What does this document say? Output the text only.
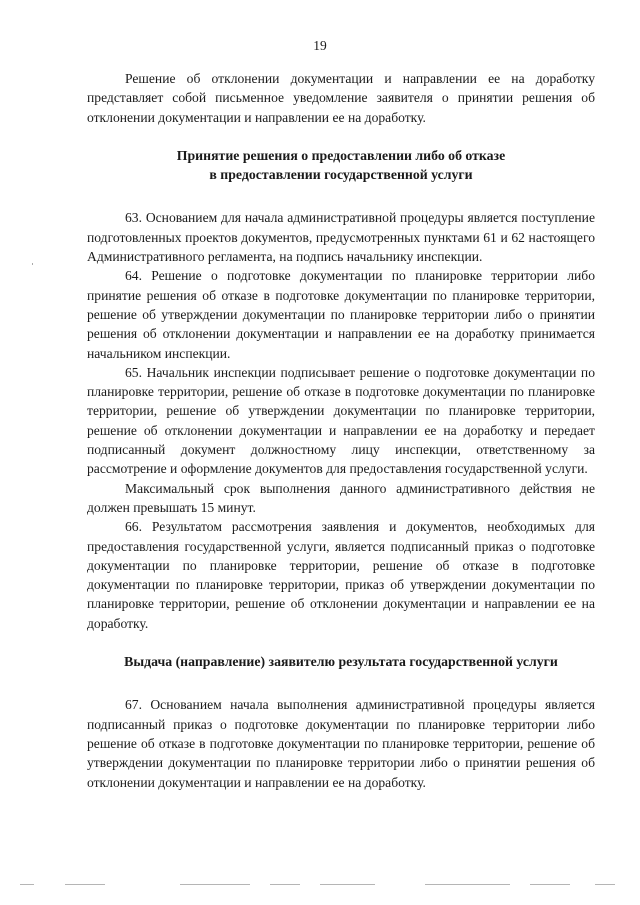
19

Решение об отклонении документации и направлении ее на доработку представляет собой письменное уведомление заявителя о принятии решения об отклонении документации и направлении ее на доработку.

Принятие решения о предоставлении либо об отказе
в предоставлении государственной услуги

63. Основанием для начала административной процедуры является поступление подготовленных проектов документов, предусмотренных пунктами 61 и 62 настоящего Административного регламента, на подпись начальнику инспекции.

64. Решение о подготовке документации по планировке территории либо принятие решения об отказе в подготовке документации по планировке территории, решение об утверждении документации по планировке территории либо о принятии решения об отклонении документации и направлении ее на доработку принимается начальником инспекции.

65. Начальник инспекции подписывает решение о подготовке документации по планировке территории, решение об отказе в подготовке документации по планировке территории, решение об утверждении документации по планировке территории, решение об отклонении документации и направлении ее на доработку и передает подписанный документ должностному лицу инспекции, ответственному за рассмотрение и оформление документов для предоставления государственной услуги.

Максимальный срок выполнения данного административного действия не должен превышать 15 минут.

66. Результатом рассмотрения заявления и документов, необходимых для предоставления государственной услуги, является подписанный приказ о подготовке документации по планировке территории, решение об отказе в подготовке документации по планировке территории, приказ об утверждении документации по планировке территории, решение об отклонении документации и направлении ее на доработку.

Выдача (направление) заявителю результата государственной услуги

67. Основанием начала выполнения административной процедуры является подписанный приказ о подготовке документации по планировке территории либо решение об отказе в подготовке документации по планировке территории, решение об утверждении документации по планировке территории либо о принятии решения об отклонении документации и направлении ее на доработку.
